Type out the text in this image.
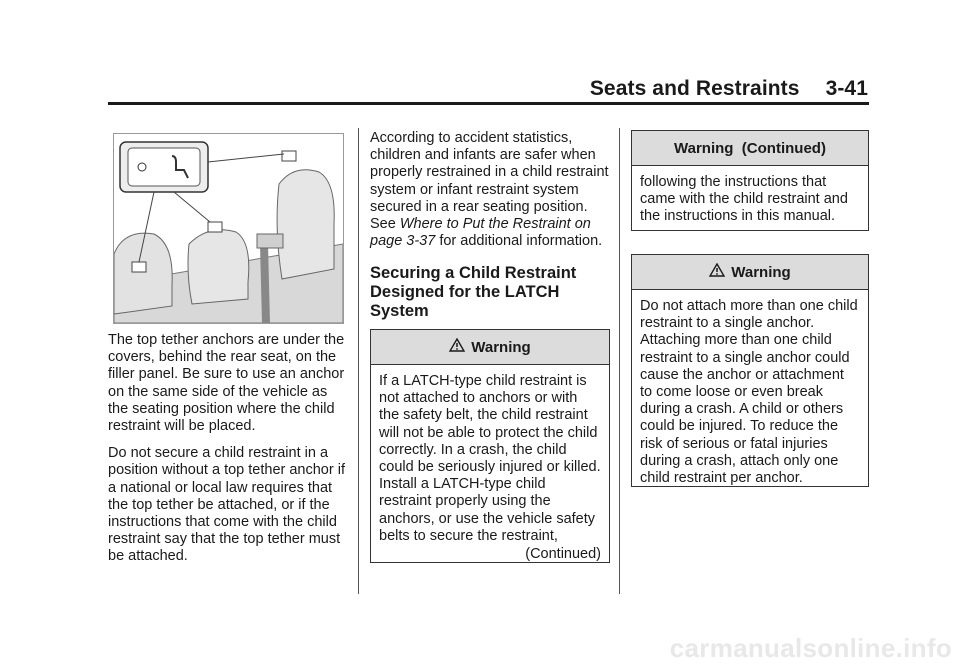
Seats and Restraints 3-41

The top tether anchors are under the covers, behind the rear seat, on the filler panel. Be sure to use an anchor on the same side of the vehicle as the seating position where the child restraint will be placed.

Do not secure a child restraint in a position without a top tether anchor if a national or local law requires that the top tether be attached, or if the instructions that come with the child restraint say that the top tether must be attached.

According to accident statistics, children and infants are safer when properly restrained in a child restraint system or infant restraint system secured in a rear seating position. See Where to Put the Restraint on page 3-37 for additional information.

Securing a Child Restraint Designed for the LATCH System
Warning
If a LATCH-type child restraint is not attached to anchors or with the safety belt, the child restraint will not be able to protect the child correctly. In a crash, the child could be seriously injured or killed. Install a LATCH-type child restraint properly using the anchors, or use the vehicle safety belts to secure the restraint,
(Continued)
Warning  (Continued)
following the instructions that came with the child restraint and the instructions in this manual.
Warning
Do not attach more than one child restraint to a single anchor. Attaching more than one child restraint to a single anchor could cause the anchor or attachment to come loose or even break during a crash. A child or others could be injured. To reduce the risk of serious or fatal injuries during a crash, attach only one child restraint per anchor.
carmanualsonline.info
